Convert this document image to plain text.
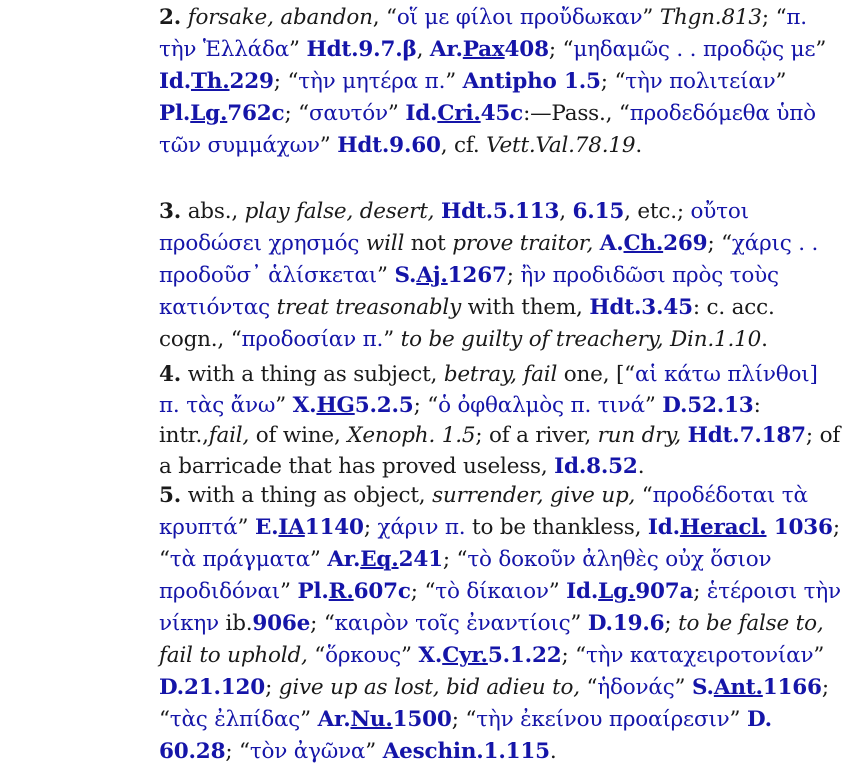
2. forsake, abandon, “οἵ με φίλοι προὔδωκαν” Thgn.813; “π. τὴν Ἑλλάδα” Hdt.9.7.β, Ar.Pax408; “μηδαμῶς . . προδῷς με” Id.Th.229; “τὴν μητέρα π.” Antipho 1.5; “τὴν πολιτείαν” Pl.Lg.762c; “σαυτόν” Id.Cri.45c:—Pass., “προδεδόμεθα ὑπὸ τῶν συμμάχων” Hdt.9.60, cf. Vett.Val.78.19.
3. abs., play false, desert, Hdt.5.113, 6.15, etc.; οὔτοι προδώσει χρησμός will not prove traitor, A.Ch.269; “χάρις . . προδοῦσ᾽ ἁλίσκεται” S.Aj.1267; ἢν προδιδῶσι πρὸς τοὺς κατιόντας treat treasonably with them, Hdt.3.45: c. acc. cogn., “προδοσίαν π.” to be guilty of treachery, Din.1.10.
4. with a thing as subject, betray, fail one, [“αἱ κάτω πλίνθοι] π. τὰς ἄνω” X.HG5.2.5; “ὁ ὀφθαλμὸς π. τινά” D.52.13: intr.,fail, of wine, Xenoph. 1.5; of a river, run dry, Hdt.7.187; of a barricade that has proved useless, Id.8.52.
5. with a thing as object, surrender, give up, “προδέδοται τὰ κρυπτά” E.IA1140; χάριν π. to be thankless, Id.Heracl. 1036; “τὰ πράγματα” Ar.Eq.241; “τὸ δοκοῦν ἀληθὲς οὐχ ὅσιον προδιδόναι” Pl.R.607c; “τὸ δίκαιον” Id.Lg.907a; ἑτέροισι τὴν νίκην ib.906e; “καιρὸν τοῖς ἐναντίοις” D.19.6; to be false to, fail to uphold, “ὅρκους” X.Cyr.5.1.22; “τὴν καταχειροτονίαν” D.21.120; give up as lost, bid adieu to, “ἡδονάς” S.Ant.1166; “τὰς ἐλπίδας” Ar.Nu.1500; “τὴν ἐκείνου προαίρεσιν” D. 60.28; “τὸν ἀγῶνα” Aeschin.1.115.
